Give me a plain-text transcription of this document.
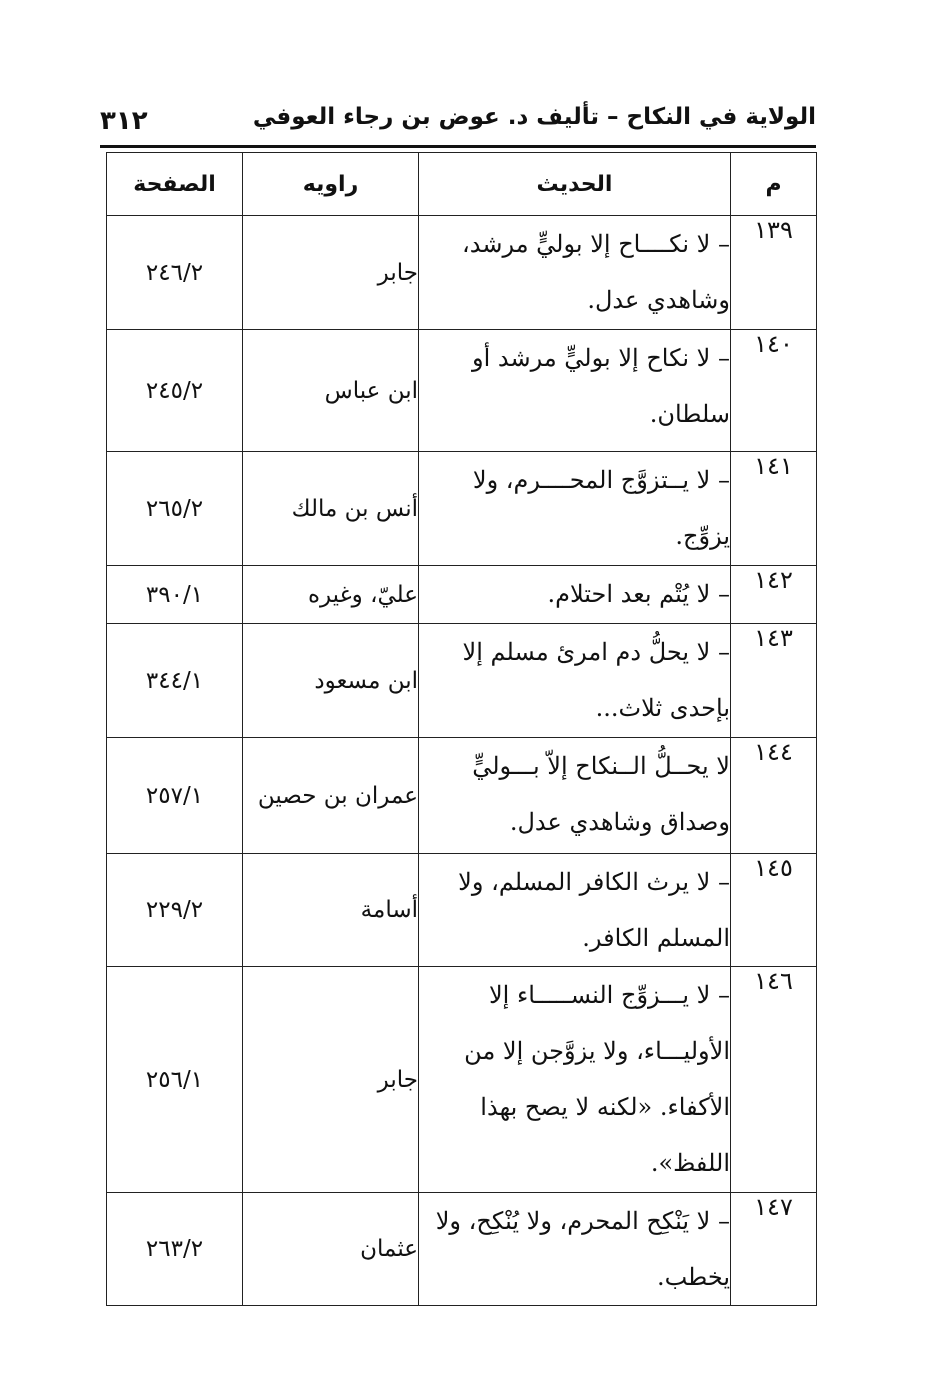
الولاية في النكاح – تأليف د. عوض بن رجاء العوفي
٣١٢
م	الحديث	راويه	الصفحة
١٣٩	– لا نكــــاح إلا بوليٍّ مرشد، وشاهدي عدل.	جابر	٢٤٦/٢
١٤٠	– لا نكاح إلا بوليٍّ مرشد أو سلطان.	ابن عباس	٢٤٥/٢
١٤١	– لا يــتزوَّج المحــــرم، ولا يزوِّج.	أنس بن مالك	٢٦٥/٢
١٤٢	– لا يُتْم بعد احتلام.	عليّ، وغيره	٣٩٠/١
١٤٣	– لا يحلُّ دم امرئ مسلم إلا بإحدى ثلاث...	ابن مسعود	٣٤٤/١
١٤٤	لا يحــلُّ الــنكاح إلاّ بـــوليٍّ وصداق وشاهدي عدل.	عمران بن حصين	٢٥٧/١
١٤٥	– لا يرث الكافر المسلم، ولا المسلم الكافر.	أسامة	٢٢٩/٢
١٤٦	– لا يـــزوِّج النســـــاء إلا الأوليـــاء، ولا يزوَّجن إلا من الأكفاء. «لكنه لا يصح بهذا اللفظ».	جابر	٢٥٦/١
١٤٧	– لا يَنْكِح المحرم، ولا يُنْكِح، ولا يخطب.	عثمان	٢٦٣/٢
